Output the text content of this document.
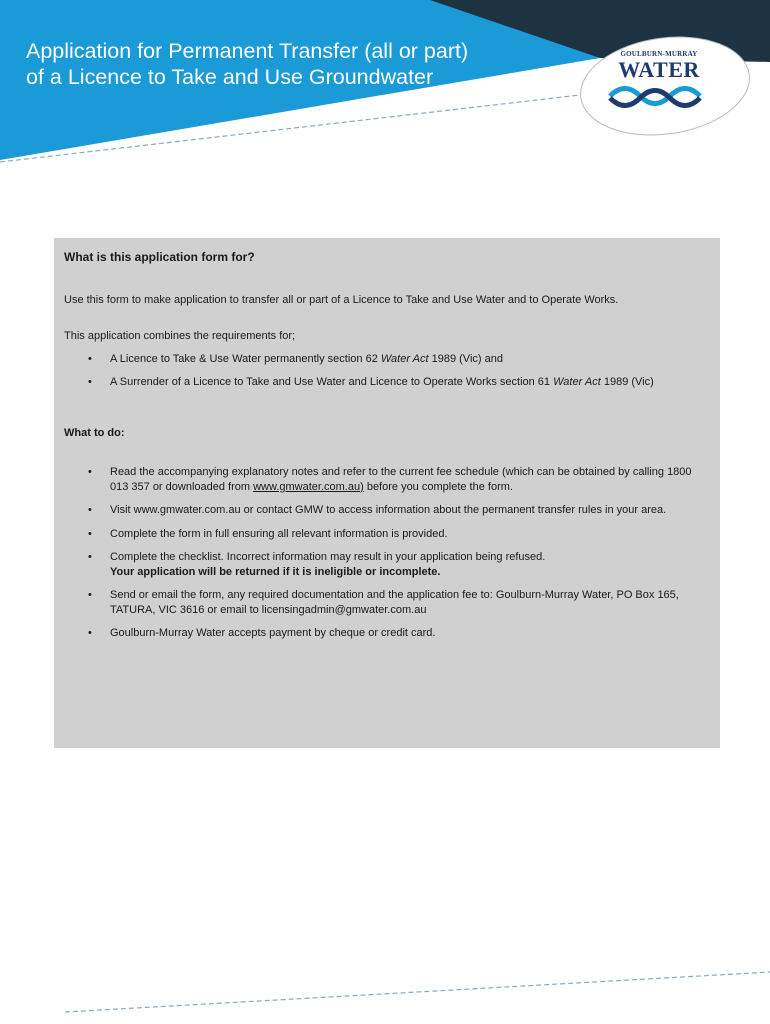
Application for Permanent Transfer (all or part)
of a Licence to Take and Use Groundwater
GOULBURN-MURRAY
WATER
What is this application form for?
Use this form to make application to transfer all or part of a Licence to Take and Use Water and to Operate Works.
This application combines the requirements for;
• A Licence to Take & Use Water permanently section 62 Water Act 1989 (Vic) and
• A Surrender of a Licence to Take and Use Water and Licence to Operate Works section 61 Water Act 1989 (Vic)
What to do:
• Read the accompanying explanatory notes and refer to the current fee schedule (which can be obtained by calling 1800 013 357 or downloaded from www.gmwater.com.au) before you complete the form.
• Visit www.gmwater.com.au or contact GMW to access information about the permanent transfer rules in your area.
• Complete the form in full ensuring all relevant information is provided.
• Complete the checklist. Incorrect information may result in your application being refused.
Your application will be returned if it is ineligible or incomplete.
• Send or email the form, any required documentation and the application fee to: Goulburn-Murray Water, PO Box 165, TATURA, VIC 3616 or email to licensingadmin@gmwater.com.au
• Goulburn-Murray Water accepts payment by cheque or credit card.
